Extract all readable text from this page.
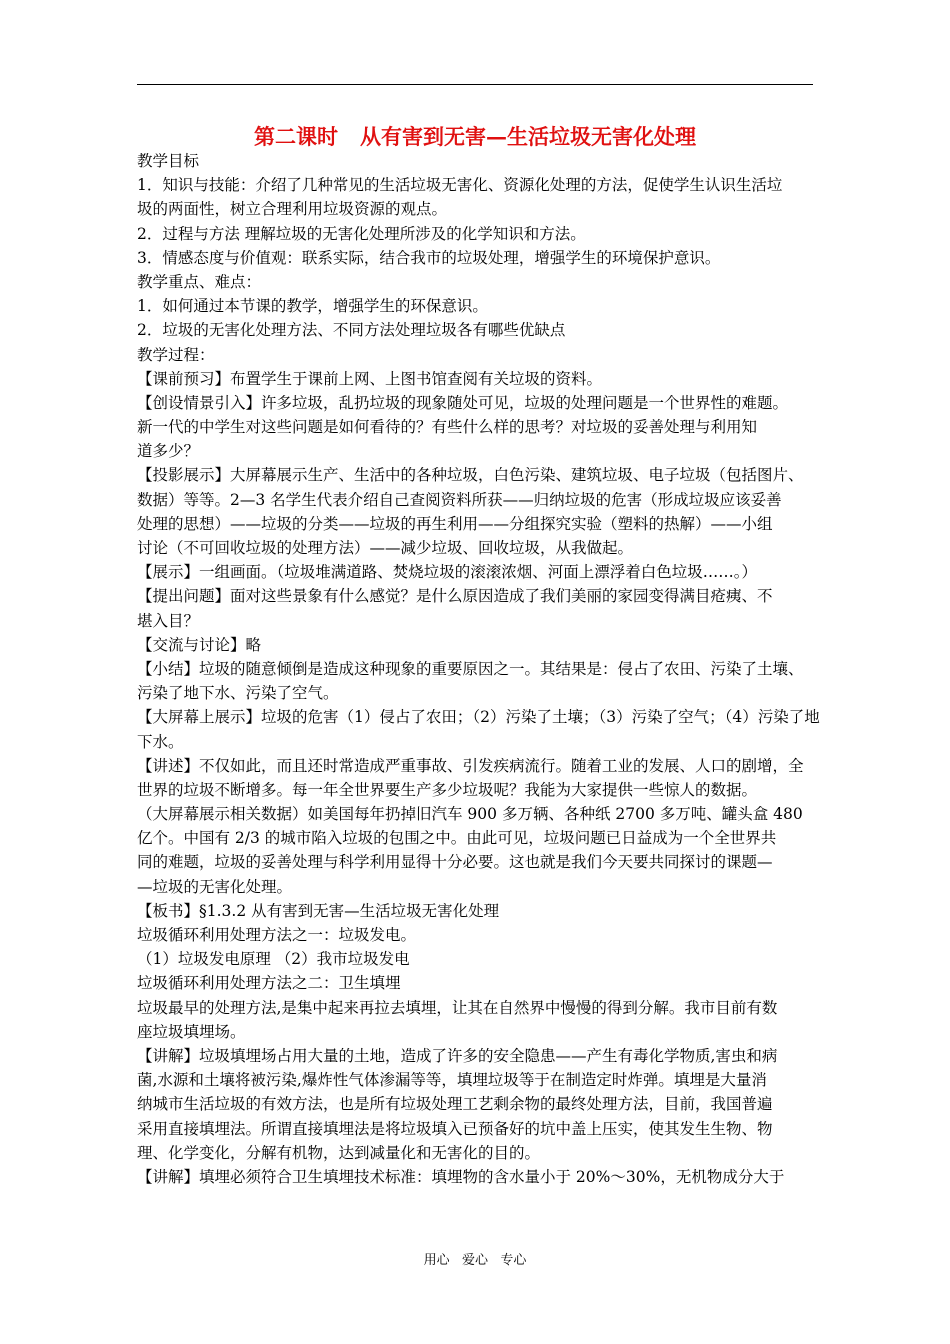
第二课时   从有害到无害—生活垃圾无害化处理
教学目标
1．知识与技能：介绍了几种常见的生活垃圾无害化、资源化处理的方法，促使学生认识生活垃
圾的两面性，树立合理利用垃圾资源的观点。
2．过程与方法 理解垃圾的无害化处理所涉及的化学知识和方法。
3．情感态度与价值观：联系实际，结合我市的垃圾处理，增强学生的环境保护意识。
教学重点、难点：
1．如何通过本节课的教学，增强学生的环保意识。
2．垃圾的无害化处理方法、不同方法处理垃圾各有哪些优缺点
教学过程：
【课前预习】布置学生于课前上网、上图书馆查阅有关垃圾的资料。
【创设情景引入】许多垃圾，乱扔垃圾的现象随处可见，垃圾的处理问题是一个世界性的难题。
新一代的中学生对这些问题是如何看待的？有些什么样的思考？对垃圾的妥善处理与利用知
道多少？
【投影展示】大屏幕展示生产、生活中的各种垃圾，白色污染、建筑垃圾、电子垃圾（包括图片、
数据）等等。2—3 名学生代表介绍自己查阅资料所获——归纳垃圾的危害（形成垃圾应该妥善
处理的思想）——垃圾的分类——垃圾的再生利用——分组探究实验（塑料的热解）——小组
讨论（不可回收垃圾的处理方法）——减少垃圾、回收垃圾，从我做起。
【展示】一组画面。（垃圾堆满道路、焚烧垃圾的滚滚浓烟、河面上漂浮着白色垃圾……。）
【提出问题】面对这些景象有什么感觉？是什么原因造成了我们美丽的家园变得满目疮痍、不
堪入目？
【交流与讨论】略
【小结】垃圾的随意倾倒是造成这种现象的重要原因之一。其结果是：侵占了农田、污染了土壤、
污染了地下水、污染了空气。
【大屏幕上展示】垃圾的危害（1）侵占了农田；（2）污染了土壤；（3）污染了空气；（4）污染了地
下水。
【讲述】不仅如此，而且还时常造成严重事故、引发疾病流行。随着工业的发展、人口的剧增，全
世界的垃圾不断增多。每一年全世界要生产多少垃圾呢？我能为大家提供一些惊人的数据。
（大屏幕展示相关数据）如美国每年扔掉旧汽车 900 多万辆、各种纸 2700 多万吨、罐头盒 480
亿个。中国有 2/3 的城市陷入垃圾的包围之中。由此可见，垃圾问题已日益成为一个全世界共
同的难题，垃圾的妥善处理与科学利用显得十分必要。这也就是我们今天要共同探讨的课题—
—垃圾的无害化处理。
【板书】§1.3.2 从有害到无害—生活垃圾无害化处理
垃圾循环利用处理方法之一：垃圾发电。
（1）垃圾发电原理 （2）我市垃圾发电
垃圾循环利用处理方法之二：卫生填埋
垃圾最早的处理方法,是集中起来再拉去填埋，让其在自然界中慢慢的得到分解。我市目前有数
座垃圾填埋场。
【讲解】垃圾填埋场占用大量的土地，造成了许多的安全隐患——产生有毒化学物质,害虫和病
菌,水源和土壤将被污染,爆炸性气体渗漏等等，填埋垃圾等于在制造定时炸弹。填埋是大量消
纳城市生活垃圾的有效方法，也是所有垃圾处理工艺剩余物的最终处理方法，目前，我国普遍
采用直接填埋法。所谓直接填埋法是将垃圾填入已预备好的坑中盖上压实，使其发生生物、物
理、化学变化，分解有机物，达到减量化和无害化的目的。
【讲解】填埋必须符合卫生填埋技术标准：填埋物的含水量小于 20%～30%，无机物成分大于
用心   爱心   专心
